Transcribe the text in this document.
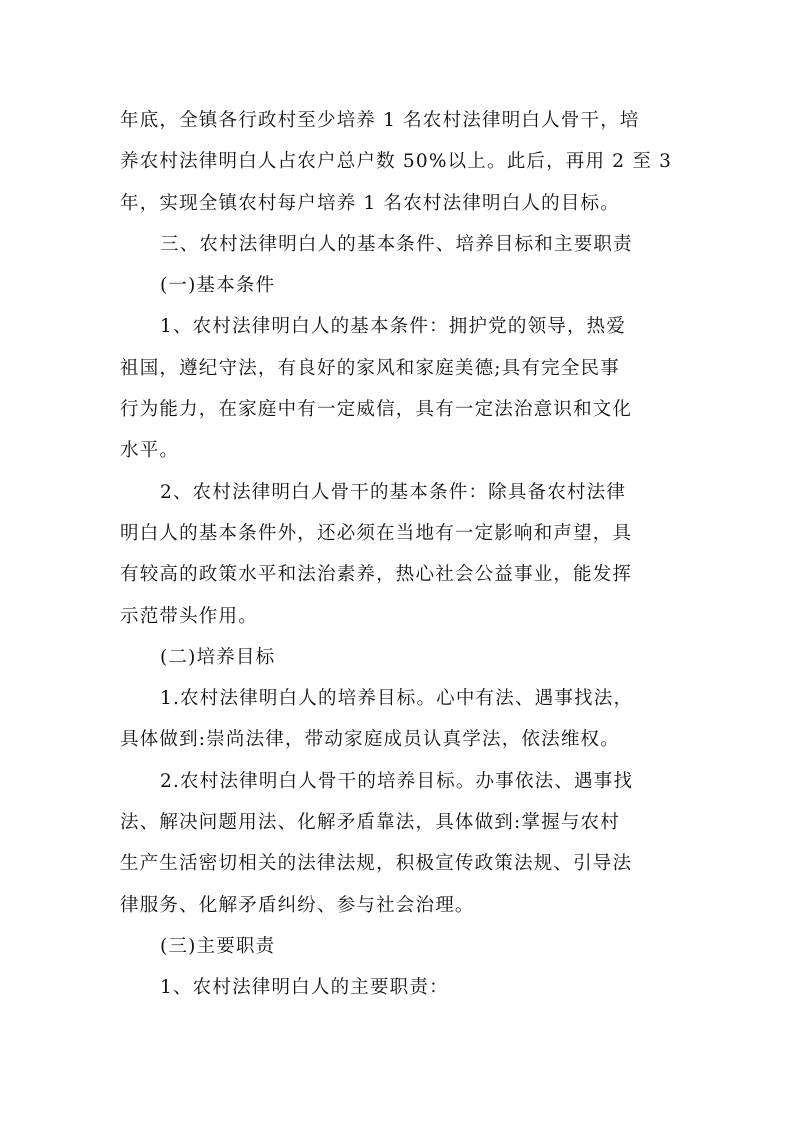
年底，全镇各行政村至少培养 1 名农村法律明白人骨干，培
养农村法律明白人占农户总户数 50%以上。此后，再用 2 至 3
年，实现全镇农村每户培养 1 名农村法律明白人的目标。
三、农村法律明白人的基本条件、培养目标和主要职责
(一)基本条件
1、农村法律明白人的基本条件：拥护党的领导，热爱
祖国，遵纪守法，有良好的家风和家庭美德;具有完全民事
行为能力，在家庭中有一定威信，具有一定法治意识和文化
水平。
2、农村法律明白人骨干的基本条件：除具备农村法律
明白人的基本条件外，还必须在当地有一定影响和声望，具
有较高的政策水平和法治素养，热心社会公益事业，能发挥
示范带头作用。
(二)培养目标
1.农村法律明白人的培养目标。心中有法、遇事找法，
具体做到:崇尚法律，带动家庭成员认真学法，依法维权。
2.农村法律明白人骨干的培养目标。办事依法、遇事找
法、解决问题用法、化解矛盾靠法，具体做到:掌握与农村
生产生活密切相关的法律法规，积极宣传政策法规、引导法
律服务、化解矛盾纠纷、参与社会治理。
(三)主要职责
1、农村法律明白人的主要职责：
